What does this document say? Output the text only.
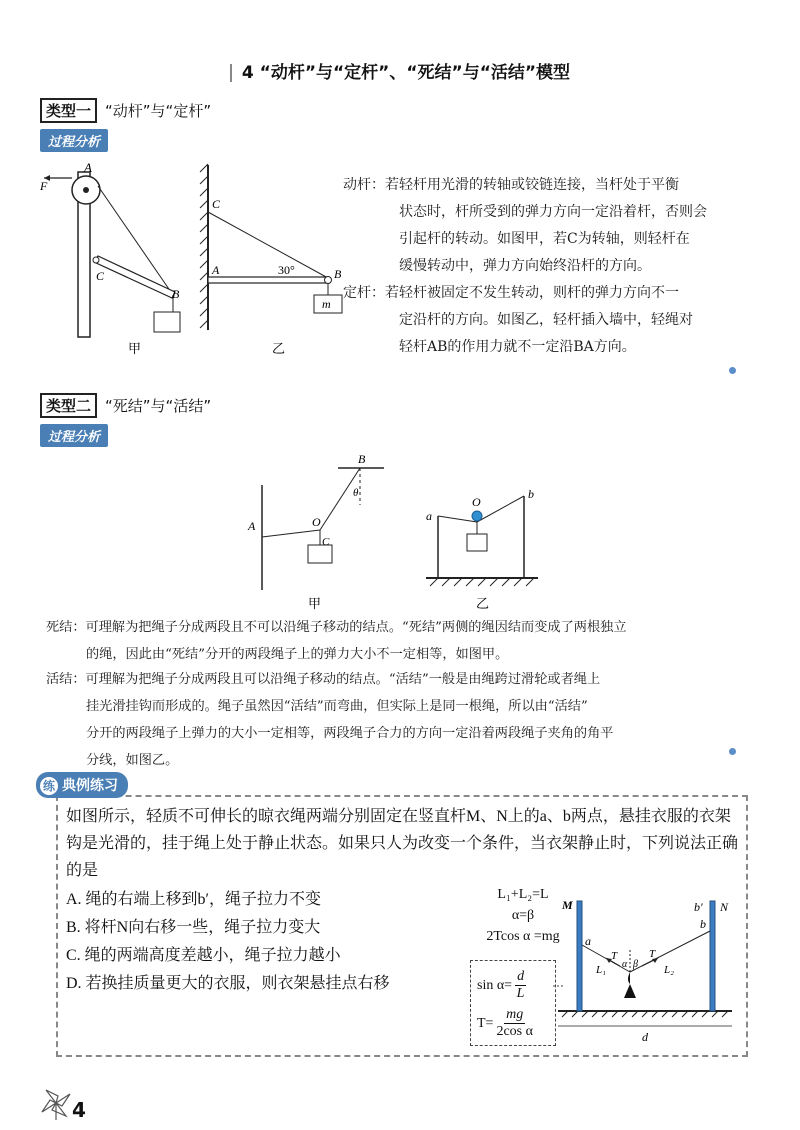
4 “动杆”与“定杆”、“死结”与“活结”模型
类型一 “动杆”与“定杆”
过程分析
A
F
C
B
甲
m
C
A	30°	B
乙
动杆：若轻杆用光滑的转轴或铰链连接，当杆处于平衡
状态时，杆所受到的弹力方向一定沿着杆，否则会
引起杆的转动。如图甲，若C为转轴，则轻杆在
缓慢转动中，弹力方向始终沿杆的方向。
定杆：若轻杆被固定不发生转动，则杆的弹力方向不一
定沿杆的方向。如图乙，轻杆插入墙中，轻绳对
轻杆AB的作用力就不一定沿BA方向。
类型二 “死结”与“活结”
过程分析
B
θ
O
A
C
甲
a
b
O
乙
死结：可理解为把绳子分成两段且不可以沿绳子移动的结点。“死结”两侧的绳因结而变成了两根独立
的绳，因此由“死结”分开的两段绳子上的弹力大小不一定相等，如图甲。
活结：可理解为把绳子分成两段且可以沿绳子移动的结点。“活结”一般是由绳跨过滑轮或者绳上
挂光滑挂钩而形成的。绳子虽然因“活结”而弯曲，但实际上是同一根绳，所以由“活结”
分开的两段绳子上弹力的大小一定相等，两段绳子合力的方向一定沿着两段绳子夹角的角平
分线，如图乙。
练 典例练习
如图所示，轻质不可伸长的晾衣绳两端分别固定在竖直杆M、N上的a、b两点，悬挂衣服的衣架
钩是光滑的，挂于绳上处于静止状态。如果只人为改变一个条件，当衣架静止时，下列说法正确
的是
A. 绳的右端上移到b′，绳子拉力不变
B. 将杆N向右移一些，绳子拉力变大
C. 绳的两端高度差越小，绳子拉力越小
D. 若换挂质量更大的衣服，则衣架悬挂点右移
L₁+L₂=L
α=β
2Tcos α =mg
$\sin \alpha= \frac{d}{L}$
$T= \frac{mg}{\text{2cos α}}$
M	N
b′
b
a
T	T
α β
L₁	L₂
d
4
